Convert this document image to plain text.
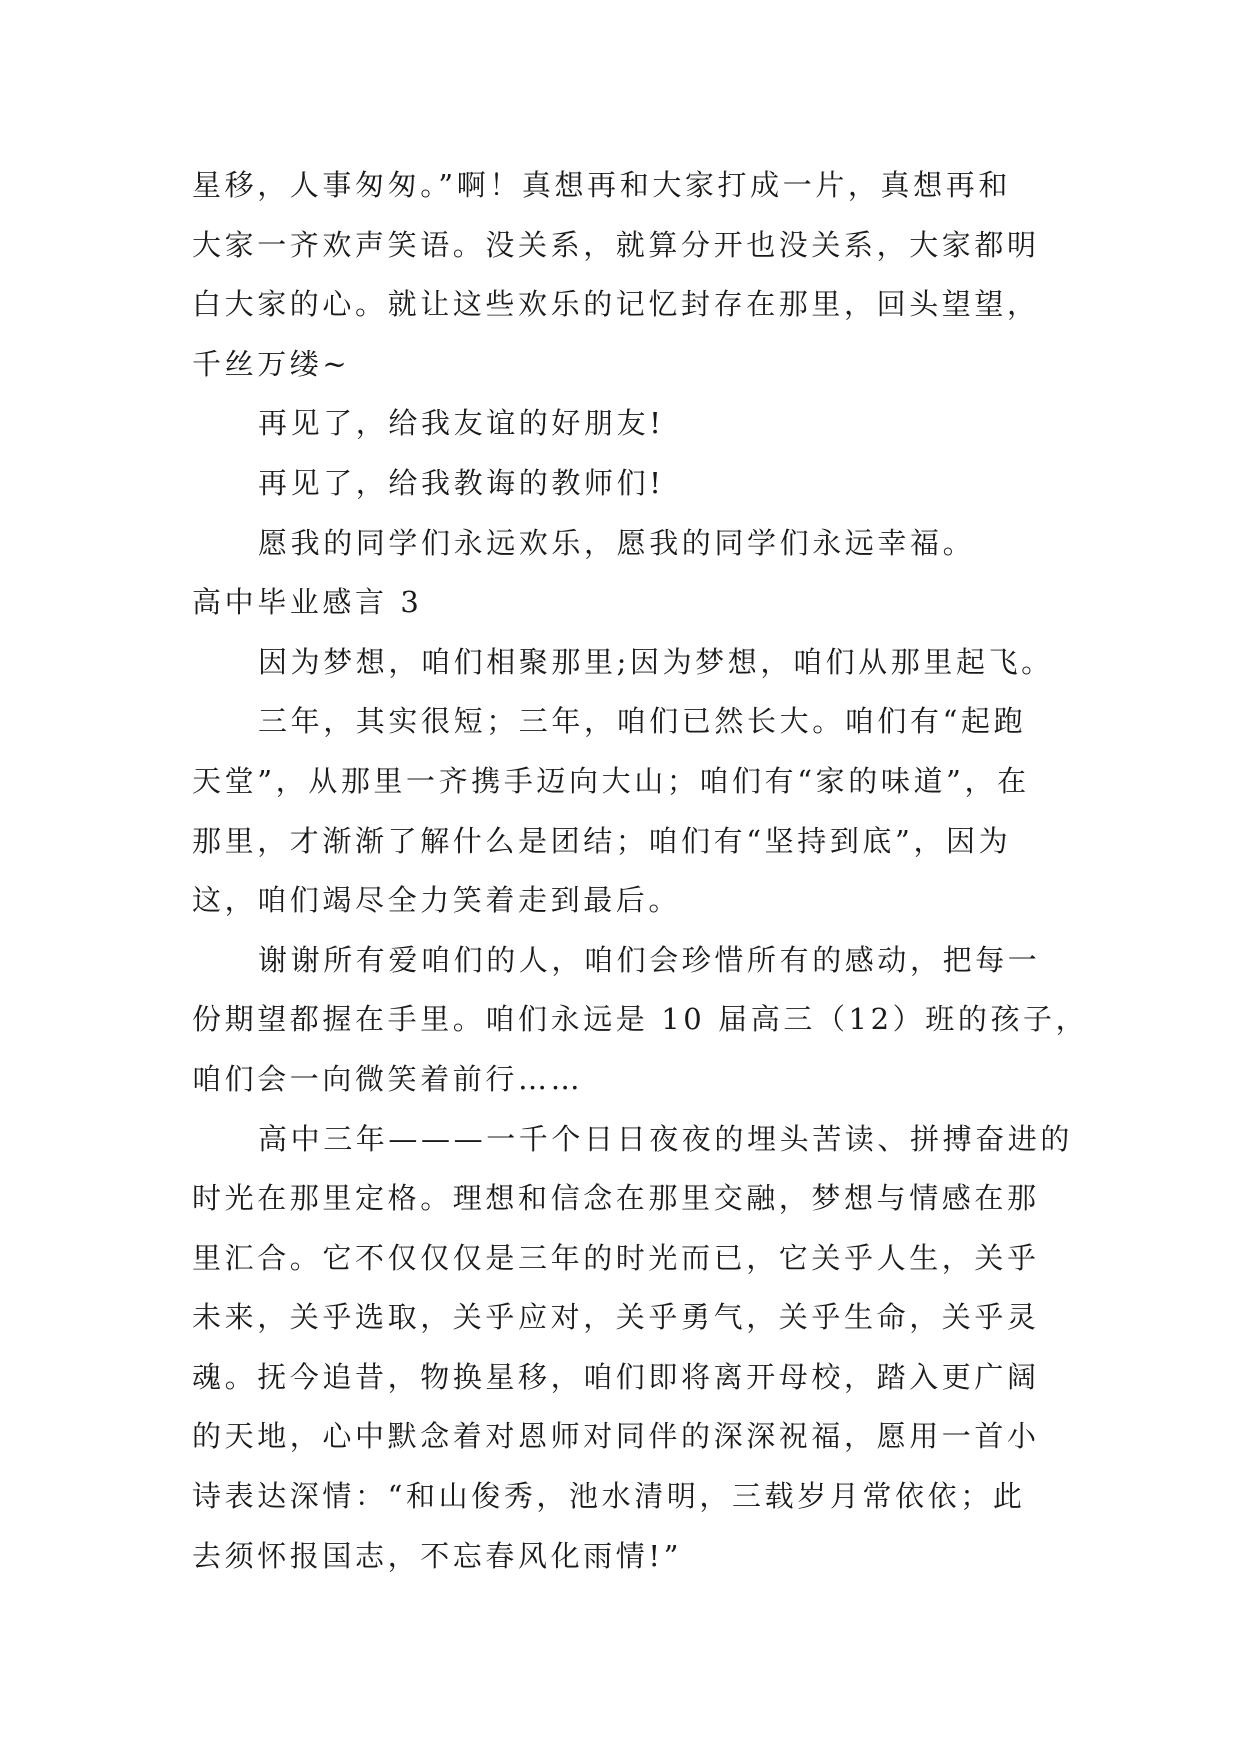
星移，人事匆匆。”啊！真想再和大家打成一片，真想再和
大家一齐欢声笑语。没关系，就算分开也没关系，大家都明
白大家的心。就让这些欢乐的记忆封存在那里，回头望望，
千丝万缕~
再见了，给我友谊的好朋友!
再见了，给我教诲的教师们!
愿我的同学们永远欢乐，愿我的同学们永远幸福。
高中毕业感言 3
因为梦想，咱们相聚那里;因为梦想，咱们从那里起飞。
三年，其实很短；三年，咱们已然长大。咱们有“起跑
天堂”，从那里一齐携手迈向大山；咱们有“家的味道”，在
那里，才渐渐了解什么是团结；咱们有“坚持到底”，因为
这，咱们竭尽全力笑着走到最后。
谢谢所有爱咱们的人，咱们会珍惜所有的感动，把每一
份期望都握在手里。咱们永远是 10 届高三（12）班的孩子，
咱们会一向微笑着前行……
高中三年———一千个日日夜夜的埋头苦读、拼搏奋进的
时光在那里定格。理想和信念在那里交融，梦想与情感在那
里汇合。它不仅仅仅是三年的时光而已，它关乎人生，关乎
未来，关乎选取，关乎应对，关乎勇气，关乎生命，关乎灵
魂。抚今追昔，物换星移，咱们即将离开母校，踏入更广阔
的天地，心中默念着对恩师对同伴的深深祝福，愿用一首小
诗表达深情：“和山俊秀，池水清明，三载岁月常依依；此
去须怀报国志，不忘春风化雨情!”
